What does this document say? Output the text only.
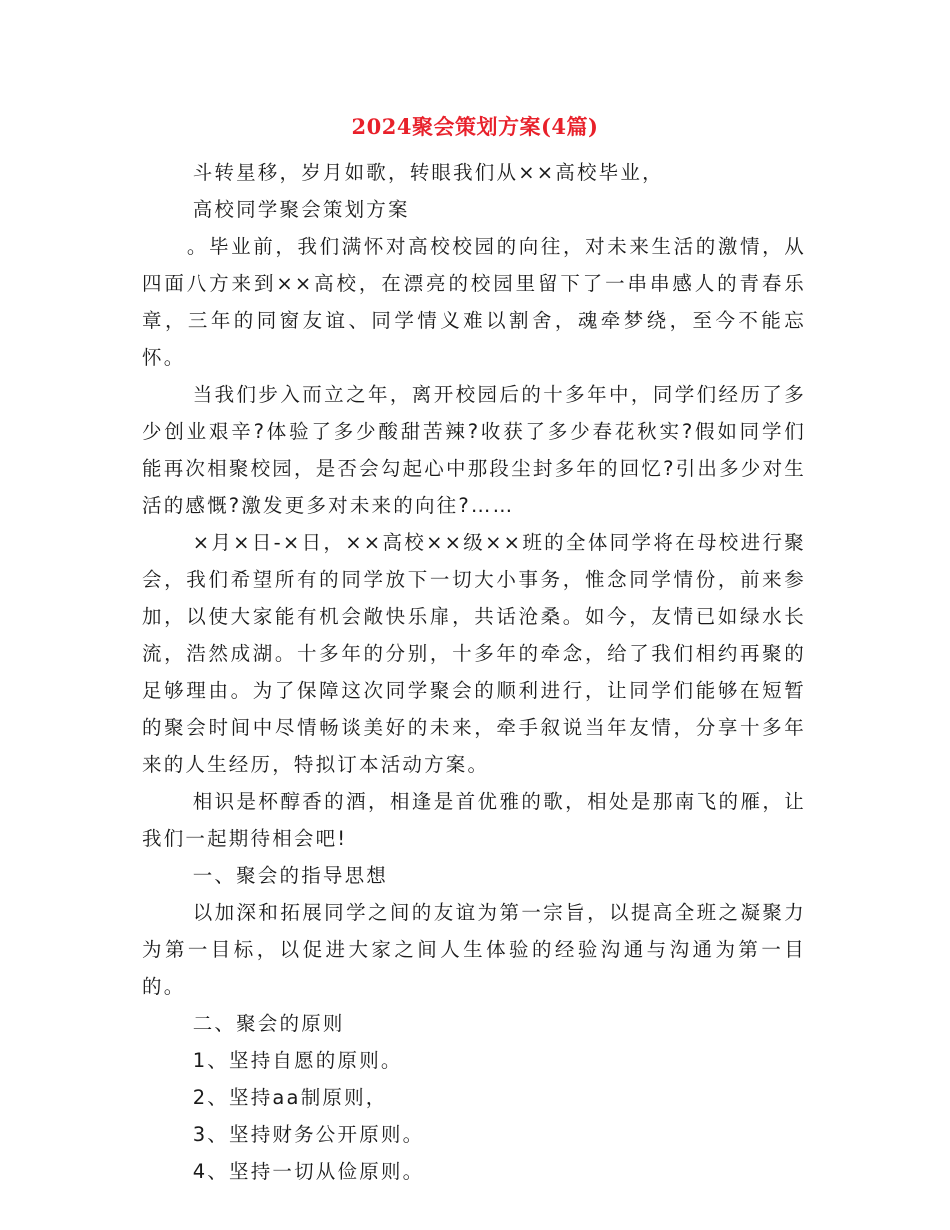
2024聚会策划方案(4篇)

斗转星移，岁月如歌，转眼我们从××高校毕业，

高校同学聚会策划方案

。毕业前，我们满怀对高校校园的向往，对未来生活的激情，从四面八方来到××高校，在漂亮的校园里留下了一串串感人的青春乐章，三年的同窗友谊、同学情义难以割舍，魂牵梦绕，至今不能忘怀。

当我们步入而立之年，离开校园后的十多年中，同学们经历了多少创业艰辛?体验了多少酸甜苦辣?收获了多少春花秋实?假如同学们能再次相聚校园，是否会勾起心中那段尘封多年的回忆?引出多少对生活的感慨?激发更多对未来的向往?……

×月×日-×日，××高校××级××班的全体同学将在母校进行聚会，我们希望所有的同学放下一切大小事务，惟念同学情份，前来参加，以使大家能有机会敞快乐扉，共话沧桑。如今，友情已如绿水长流，浩然成湖。十多年的分别，十多年的牵念，给了我们相约再聚的足够理由。为了保障这次同学聚会的顺利进行，让同学们能够在短暂的聚会时间中尽情畅谈美好的未来，牵手叙说当年友情，分享十多年来的人生经历，特拟订本活动方案。

相识是杯醇香的酒，相逢是首优雅的歌，相处是那南飞的雁，让我们一起期待相会吧!

一、聚会的指导思想

以加深和拓展同学之间的友谊为第一宗旨，以提高全班之凝聚力为第一目标，以促进大家之间人生体验的经验沟通与沟通为第一目的。

二、聚会的原则

1、坚持自愿的原则。

2、坚持aa制原则，

3、坚持财务公开原则。

4、坚持一切从俭原则。
